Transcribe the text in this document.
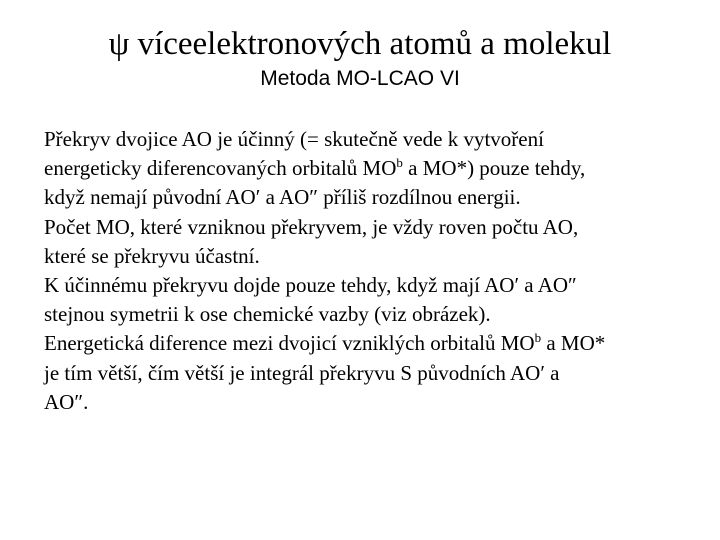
ψ víceelektronových atomů a molekul
Metoda MO-LCAO VI

Překryv dvojice AO je účinný (= skutečně vede k vytvoření
energeticky diferencovaných orbitalů $MO^b$ a MO*) pouze tehdy,
když nemají původní AO′ a AO″ příliš rozdílnou energii.

Počet MO, které vzniknou překryvem, je vždy roven počtu AO,
které se překryvu účastní.

K účinnému překryvu dojde pouze tehdy, když mají AO′ a AO″
stejnou symetrii k ose chemické vazby (viz obrázek).

Energetická diference mezi dvojicí vzniklých orbitalů $MO^b$ a MO*
je tím větší, čím větší je integrál překryvu S původních AO′ a
AO″.
